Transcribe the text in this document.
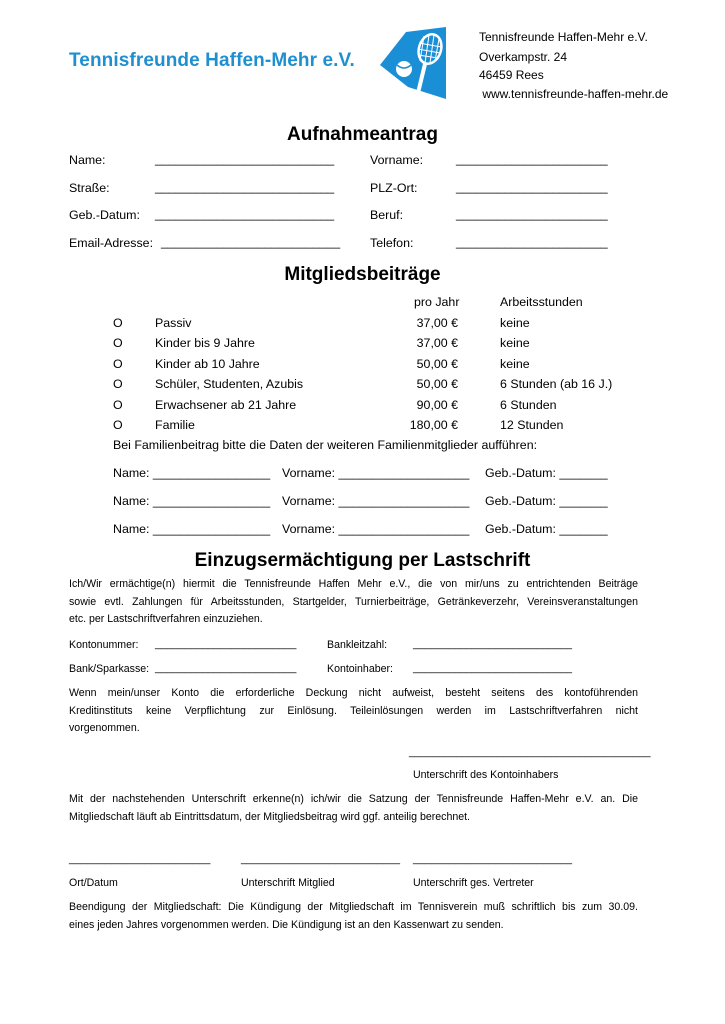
Tennisfreunde Haffen-Mehr e.V.
Tennisfreunde Haffen-Mehr e.V.
Overkampstr. 24
46459 Rees
www.tennisfreunde-haffen-mehr.de
Aufnahmeantrag
Name:	__________________________	Vorname:	______________________
Straße:	__________________________	PLZ-Ort:	______________________
Geb.-Datum: __________________________	Beruf:	______________________
Email-Adresse: __________________________ Telefon:	______________________
Mitgliedsbeiträge
pro Jahr	Arbeitsstunden
O	Passiv	37,00 €	keine
O	Kinder bis 9 Jahre	37,00 €	keine
O	Kinder ab 10 Jahre	50,00 €	keine
O	Schüler, Studenten, Azubis	50,00 €	6 Stunden (ab 16 J.)
O	Erwachsener ab 21 Jahre	90,00 €	6 Stunden
O	Familie	180,00 €	12 Stunden
Bei Familienbeitrag bitte die Daten der weiteren Familienmitglieder aufführen:
Name: _________________ Vorname: ___________________ Geb.-Datum: _______
Name: _________________ Vorname: ___________________ Geb.-Datum: _______
Name: _________________ Vorname: ___________________ Geb.-Datum: _______
Einzugsermächtigung per Lastschrift
Ich/Wir ermächtige(n) hiermit die Tennisfreunde Haffen Mehr e.V., die von mir/uns zu entrichtenden Beiträge
sowie evtl. Zahlungen für Arbeitsstunden, Startgelder, Turnierbeiträge, Getränkeverzehr, Vereinsveranstaltungen
etc. per Lastschriftverfahren einzuziehen.
Kontonummer: ________________________	Bankleitzahl: ___________________________
Bank/Sparkasse: ________________________	Kontoinhaber: ___________________________
Wenn mein/unser Konto die erforderliche Deckung nicht aufweist, besteht seitens des kontoführenden
Kreditinstituts keine Verpflichtung zur Einlösung. Teileinlösungen werden im Lastschriftverfahren nicht
vorgenommen.
_________________________________________
Unterschrift des Kontoinhabers
Mit der nachstehenden Unterschrift erkenne(n) ich/wir die Satzung der Tennisfreunde Haffen-Mehr e.V. an. Die
Mitgliedschaft läuft ab Eintrittsdatum, der Mitgliedsbeitrag wird ggf. anteilig berechnet.
________________________	___________________________ ___________________________
Ort/Datum	Unterschrift Mitglied	Unterschrift ges. Vertreter
Beendigung der Mitgliedschaft: Die Kündigung der Mitgliedschaft im Tennisverein muß schriftlich bis zum 30.09.
eines jeden Jahres vorgenommen werden. Die Kündigung ist an den Kassenwart zu senden.
